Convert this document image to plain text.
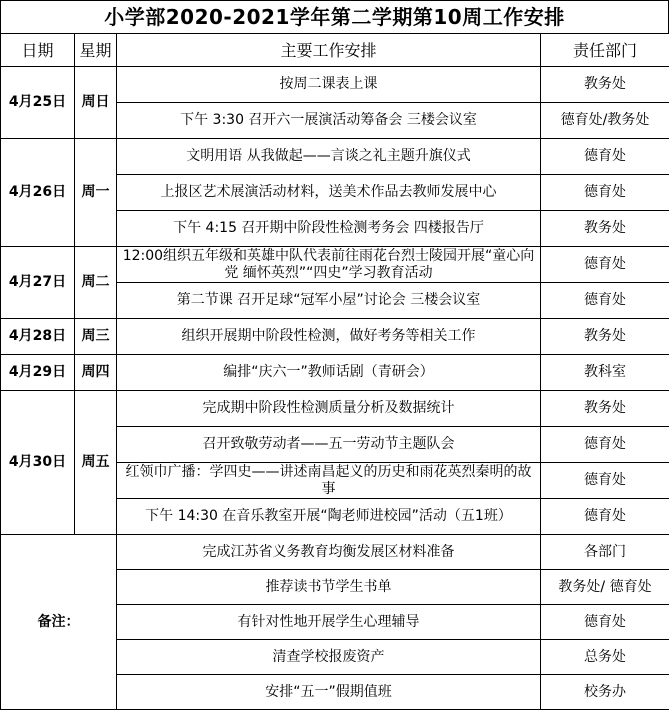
小学部2020-2021学年第二学期第10周工作安排
日期	星期	主要工作安排	责任部门
4月25日	周日	按周二课表上课	教务处
		下午 3:30 召开六一展演活动筹备会 三楼会议室	德育处/教务处
4月26日	周一	文明用语 从我做起——言谈之礼主题升旗仪式	德育处
		上报区艺术展演活动材料，送美术作品去教师发展中心	德育处
		下午 4:15 召开期中阶段性检测考务会 四楼报告厅	教务处
4月27日	周二	12:00组织五年级和英雄中队代表前往雨花台烈士陵园开展“童心向党 缅怀英烈”“四史”学习教育活动	德育处
		第二节课 召开足球“冠军小屋”讨论会 三楼会议室	德育处
4月28日	周三	组织开展期中阶段性检测，做好考务等相关工作	教务处
4月29日	周四	编排“庆六一”教师话剧（青研会）	教科室
4月30日	周五	完成期中阶段性检测质量分析及数据统计	教务处
		召开致敬劳动者——五一劳动节主题队会	德育处
		红领巾广播：学四史——讲述南昌起义的历史和雨花英烈秦明的故事	德育处
		下午 14:30 在音乐教室开展“陶老师进校园”活动（五1班）	德育处
备注：		完成江苏省义务教育均衡发展区材料准备	各部门
		推荐读书节学生书单	教务处/ 德育处
		有针对性地开展学生心理辅导	德育处
		清查学校报废资产	总务处
		安排“五一”假期值班	校务办
